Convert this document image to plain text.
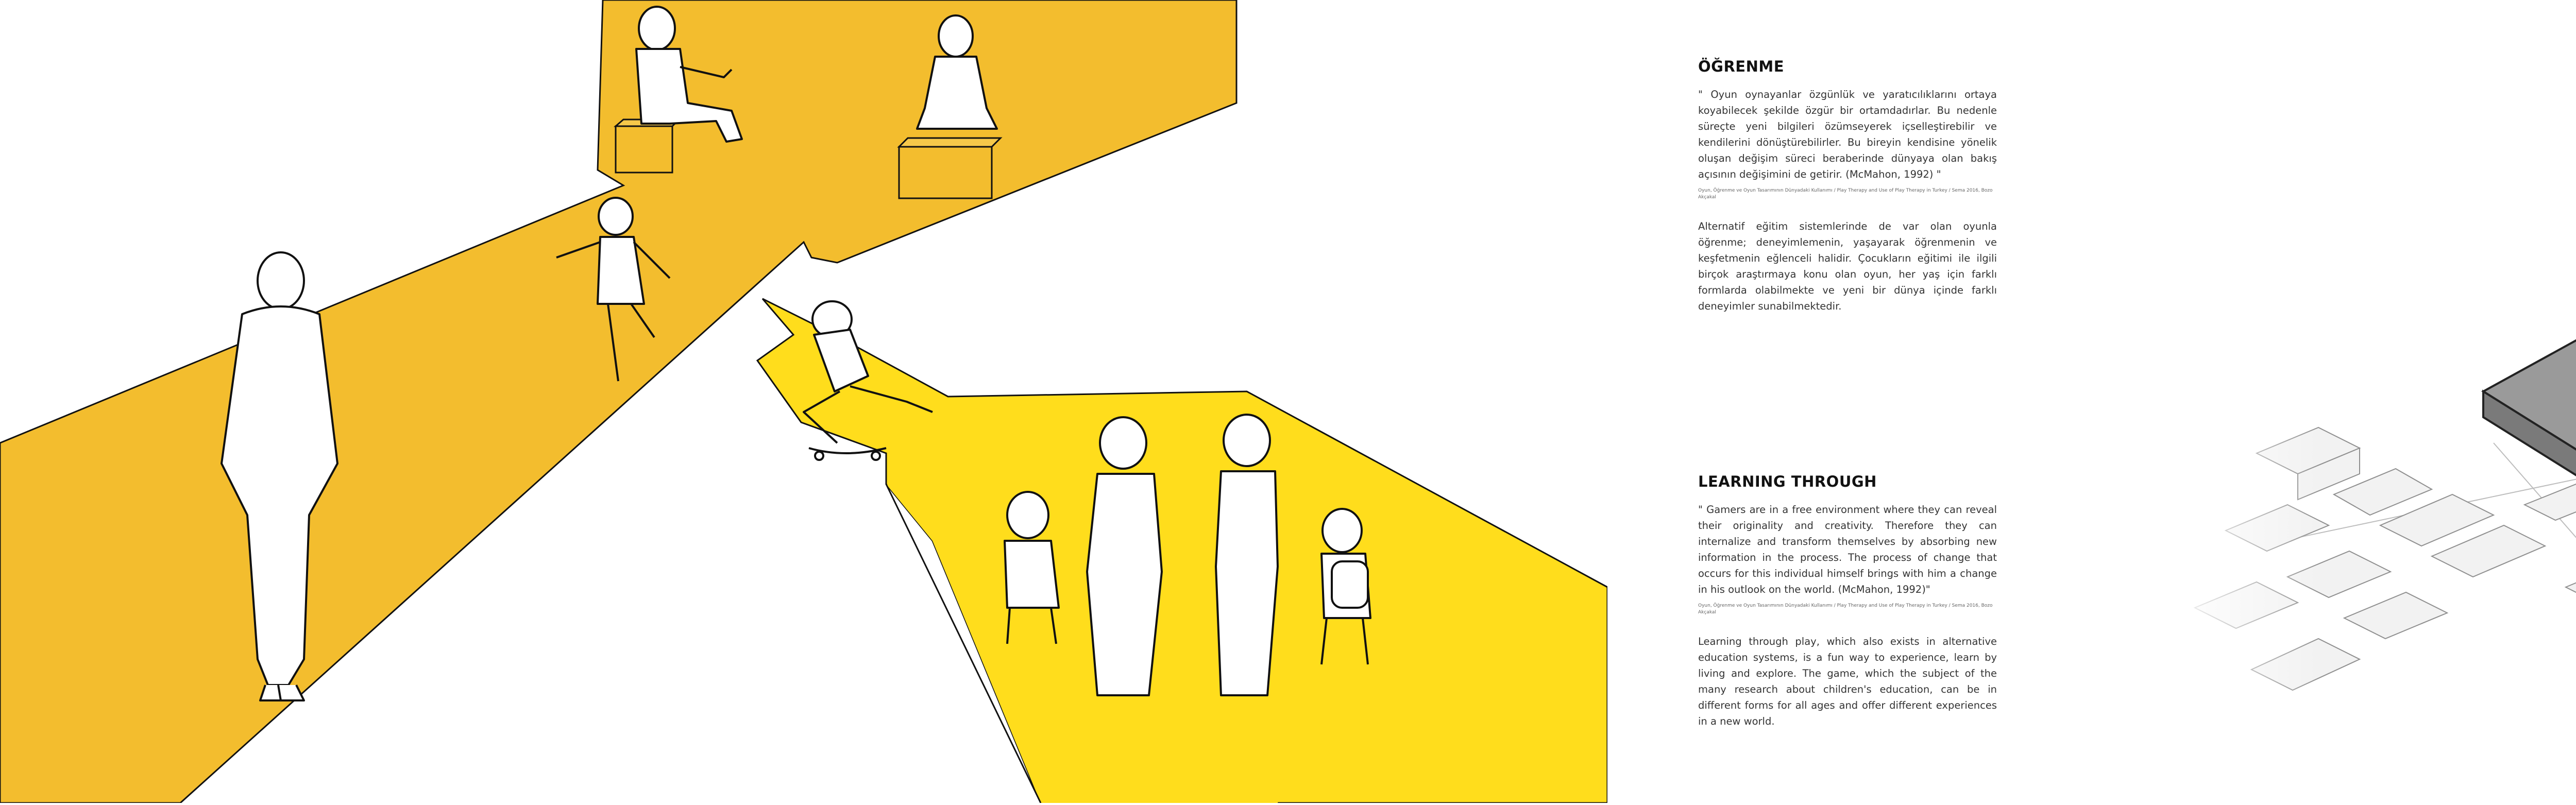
ÖĞRENME

" Oyun oynayanlar özgünlük ve yaratıcılıklarını ortaya koyabilecek şekilde özgür bir ortamdadırlar. Bu nedenle süreçte yeni bilgileri özümseyerek içselleştirebilir ve kendilerini dönüştürebilirler. Bu bireyin kendisine yönelik oluşan değişim süreci beraberinde dünyaya olan bakış açısının değişimini de getirir. (McMahon, 1992) "

Oyun, Öğrenme ve Oyun Tasarımının Dünyadaki Kullanımı / Play Therapy and Use of Play Therapy in Turkey / Sema 2016, Bozo Akçakal

Alternatif eğitim sistemlerinde de var olan oyunla öğrenme; deneyimlemenin, yaşayarak öğrenmenin ve keşfetmenin eğlenceli halidir. Çocukların eğitimi ile ilgili birçok araştırmaya konu olan oyun, her yaş için farklı formlarda olabilmekte ve yeni bir dünya içinde farklı deneyimler sunabilmektedir.

LEARNING THROUGH

" Gamers are in a free environment where they can reveal their originality and creativity. Therefore they can internalize and transform themselves by absorbing new information in the process. The process of change that occurs for this individual himself brings with him a change in his outlook on the world. (McMahon, 1992)"

Oyun, Öğrenme ve Oyun Tasarımının Dünyadaki Kullanımı / Play Therapy and Use of Play Therapy in Turkey / Sema 2016, Bozo Akçakal

Learning through play, which also exists in alternative education systems, is a fun way to experience, learn by living and explore. The game, which the subject of the many research about children's education, can be in different forms for all ages and offer different experiences in a new world.
